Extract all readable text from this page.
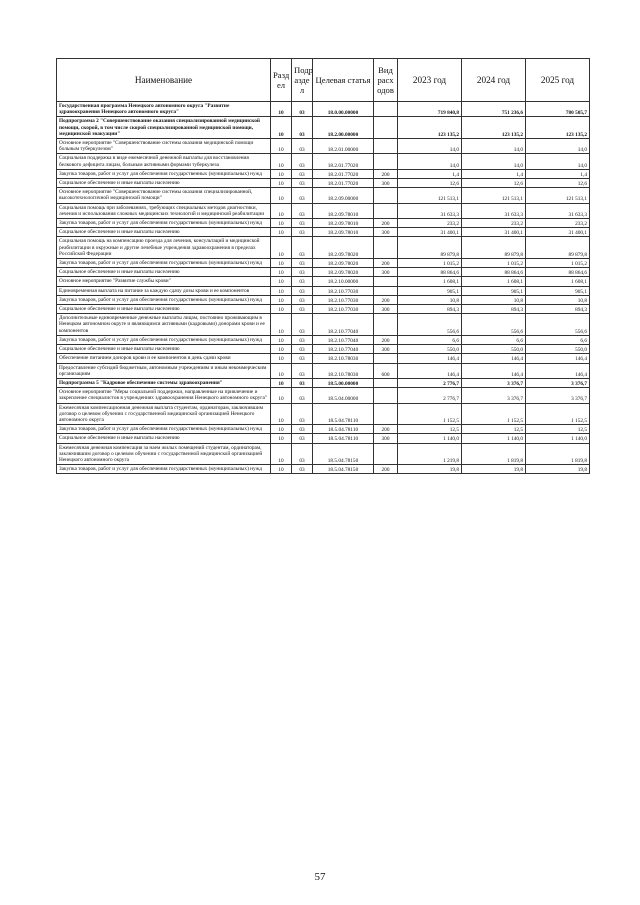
Наименование	Разд ел	Подр азде л	Целевая статья	Вид расх одов	2023 год	2024 год	2025 год
Государственная программа Ненецкого автономного округа "Развитие здравоохранения Ненецкого автономного округа"	10	03	18.0.00.00000		719 840,8	751 236,6	780 505,7
Подпрограмма 2 "Совершенствование оказания специализированной медицинской помощи, скорой, в том числе скорой специализированной медицинской помощи, медицинской эвакуации"	10	03	18.2.00.00000		123 135,2	123 135,2	123 135,2
Основное мероприятие "Совершенствование системы оказания медицинской помощи больным туберкулезом"	10	03	18.2.01.00000		14,0	14,0	14,0
Социальная поддержка в виде ежемесячной денежной выплаты для восстановления белкового дефицита лицам, больным активными формами туберкулеза	10	03	18.2.01.77020		14,0	14,0	14,0
Закупка товаров, работ и услуг для обеспечения государственных (муниципальных) нужд	10	03	18.2.01.77020	200	1,4	1,4	1,4
Социальное обеспечение и иные выплаты населению	10	03	18.2.01.77020	300	12,6	12,6	12,6
Основное мероприятие "Совершенствование системы оказания специализированной, высокотехнологичной медицинской помощи"	10	03	18.2.09.00000		121 513,1	121 513,1	121 513,1
Социальная помощь при заболеваниях, требующих специальных методов диагностики, лечения и использования сложных медицинских технологий и медицинской реабилитации	10	03	18.2.09.78010		31 633,3	31 633,3	31 633,3
Закупка товаров, работ и услуг для обеспечения государственных (муниципальных) нужд	10	03	18.2.09.78010	200	233,2	233,2	233,2
Социальное обеспечение и иные выплаты населению	10	03	18.2.09.78010	300	31 400,1	31 400,1	31 400,1
Социальная помощь на компенсацию проезда для лечения, консультаций и медицинской реабилитации в окружные и другие лечебные учреждения здравоохранения в пределах Российской Федерации	10	03	18.2.09.78020		89 879,8	89 879,8	89 879,8
Закупка товаров, работ и услуг для обеспечения государственных (муниципальных) нужд	10	03	18.2.09.78020	200	1 015,2	1 015,2	1 015,2
Социальное обеспечение и иные выплаты населению	10	03	18.2.09.78020	300	88 864,6	88 864,6	88 864,6
Основное мероприятие "Развитие службы крови"	10	03	18.2.10.00000		1 608,1	1 608,1	1 608,1
Единовременная выплата на питание за каждую сдачу дозы крови и ее компонентов	10	03	18.2.10.77030		905,1	905,1	905,1
Закупка товаров, работ и услуг для обеспечения государственных (муниципальных) нужд	10	03	18.2.10.77030	200	10,8	10,8	10,8
Социальное обеспечение и иные выплаты населению	10	03	18.2.10.77030	300	894,3	894,3	894,3
Дополнительные единовременные денежные выплаты лицам, постоянно проживающим в Ненецком автономном округе и являющимся активными (кадровыми) донорами крови и ее компонентов	10	03	18.2.10.77040		556,6	556,6	556,6
Закупка товаров, работ и услуг для обеспечения государственных (муниципальных) нужд	10	03	18.2.10.77040	200	6,6	6,6	6,6
Социальное обеспечение и иные выплаты населению	10	03	18.2.10.77040	300	550,0	550,0	550,0
Обеспечение питанием доноров крови и ее компонентов в день сдачи крови	10	03	18.2.10.78030		146,4	146,4	146,4
Предоставление субсидий бюджетным, автономным учреждениям и иным некоммерческим организациям	10	03	18.2.10.78030	600	146,4	146,4	146,4
Подпрограмма 5 "Кадровое обеспечение системы здравоохранения"	10	03	18.5.00.00000		2 776,7	3 376,7	3 376,7
Основное мероприятие "Меры социальной поддержки, направленные на привлечение и закрепление специалистов в учреждениях здравоохранения Ненецкого автономного округа"	10	03	18.5.04.00000		2 776,7	3 376,7	3 376,7
Ежемесячная компенсационная денежная выплата студентам, ординаторам, заключившим договор о целевом обучении с государственной медицинской организацией Ненецкого автономного округа	10	03	18.5.04.78110		1 152,5	1 152,5	1 152,5
Закупка товаров, работ и услуг для обеспечения государственных (муниципальных) нужд	10	03	18.5.04.78110	200	12,5	12,5	12,5
Социальное обеспечение и иные выплаты населению	10	03	18.5.04.78110	300	1 140,0	1 140,0	1 140,0
Ежемесячная денежная компенсация за наем жилых помещений студентам, ординаторам, заключившим договор о целевом обучении с государственной медицинской организацией Ненецкого автономного округа	10	03	18.5.04.78150		1 219,8	1 819,8	1 819,8
Закупка товаров, работ и услуг для обеспечения государственных (муниципальных) нужд	10	03	18.5.04.78150	200	19,8	19,8	19,8
57
